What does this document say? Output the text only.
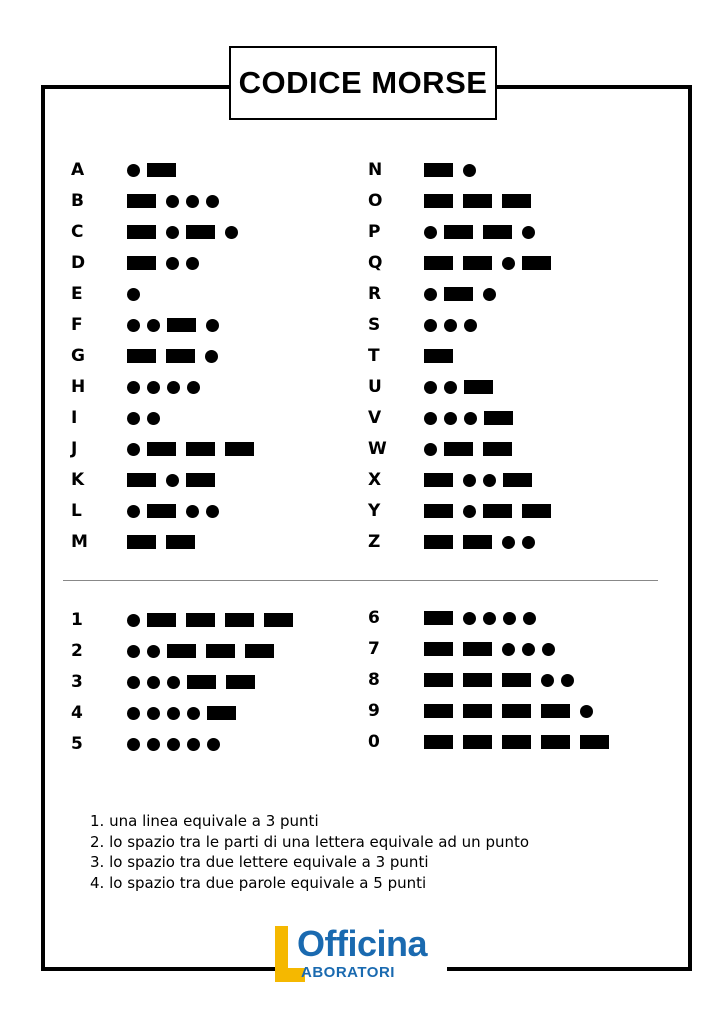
CODICE MORSE
A
B
C
D
E
F
G
H
I
J
K
L
M
N
O
P
Q
R
S
T
U
V
W
X
Y
Z
1
2
3
4
5
6
7
8
9
0
1. una linea equivale a 3 punti
2. lo spazio tra le parti di una lettera equivale ad un punto
3. lo spazio tra due lettere equivale a 3 punti
4. lo spazio tra due parole equivale a 5 punti
Officina
ABORATORI
